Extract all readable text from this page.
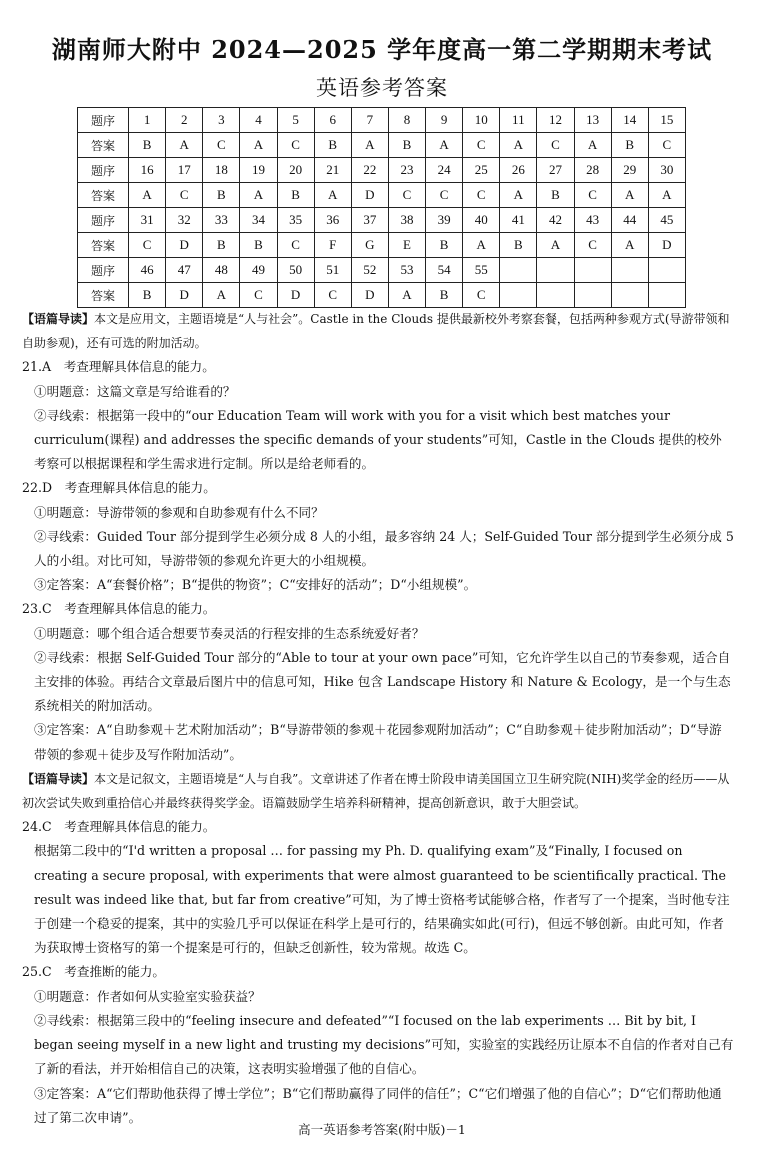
湖南师大附中 2024—2025 学年度高一第二学期期末考试
英语参考答案
题序	1	2	3	4	5	6	7	8	9	10	11	12	13	14	15
答案	B	A	C	A	C	B	A	B	A	C	A	C	A	B	C
题序	16	17	18	19	20	21	22	23	24	25	26	27	28	29	30
答案	A	C	B	A	B	A	D	C	C	C	A	B	C	A	A
题序	31	32	33	34	35	36	37	38	39	40	41	42	43	44	45
答案	C	D	B	B	C	F	G	E	B	A	B	A	C	A	D
题序	46	47	48	49	50	51	52	53	54	55					
答案	B	D	A	C	D	C	D	A	B	C					

【语篇导读】本文是应用文，主题语境是“人与社会”。Castle in the Clouds 提供最新校外考察套餐，包括两种参观方式(导游带领和自助参观)，还有可选的附加活动。

21.A　考查理解具体信息的能力。

①明题意：这篇文章是写给谁看的？

②寻线索：根据第一段中的“our Education Team will work with you for a visit which best matches your curriculum(课程) and addresses the specific demands of your students”可知，Castle in the Clouds 提供的校外考察可以根据课程和学生需求进行定制。所以是给老师看的。

22.D　考查理解具体信息的能力。

①明题意：导游带领的参观和自助参观有什么不同？

②寻线索：Guided Tour 部分提到学生必须分成 8 人的小组，最多容纳 24 人；Self-Guided Tour 部分提到学生必须分成 5 人的小组。对比可知，导游带领的参观允许更大的小组规模。

③定答案：A“套餐价格”；B“提供的物资”；C“安排好的活动”；D“小组规模”。

23.C　考查理解具体信息的能力。

①明题意：哪个组合适合想要节奏灵活的行程安排的生态系统爱好者？

②寻线索：根据 Self-Guided Tour 部分的“Able to tour at your own pace”可知，它允许学生以自己的节奏参观，适合自主安排的体验。再结合文章最后图片中的信息可知，Hike 包含 Landscape History 和 Nature & Ecology，是一个与生态系统相关的附加活动。

③定答案：A“自助参观＋艺术附加活动”；B“导游带领的参观＋花园参观附加活动”；C“自助参观＋徒步附加活动”；D“导游带领的参观＋徒步及写作附加活动”。

【语篇导读】本文是记叙文，主题语境是“人与自我”。文章讲述了作者在博士阶段申请美国国立卫生研究院(NIH)奖学金的经历——从初次尝试失败到重拾信心并最终获得奖学金。语篇鼓励学生培养科研精神，提高创新意识，敢于大胆尝试。

24.C　考查理解具体信息的能力。

根据第二段中的“I'd written a proposal … for passing my Ph. D. qualifying exam”及“Finally, I focused on creating a secure proposal, with experiments that were almost guaranteed to be scientifically practical. The result was indeed like that, but far from creative”可知，为了博士资格考试能够合格，作者写了一个提案，当时他专注于创建一个稳妥的提案，其中的实验几乎可以保证在科学上是可行的，结果确实如此(可行)，但远不够创新。由此可知，作者为获取博士资格写的第一个提案是可行的，但缺乏创新性，较为常规。故选 C。

25.C　考查推断的能力。

①明题意：作者如何从实验室实验获益？

②寻线索：根据第三段中的“feeling insecure and defeated”“I focused on the lab experiments … Bit by bit, I began seeing myself in a new light and trusting my decisions”可知，实验室的实践经历让原本不自信的作者对自己有了新的看法，并开始相信自己的决策，这表明实验增强了他的自信心。

③定答案：A“它们帮助他获得了博士学位”；B“它们帮助赢得了同伴的信任”；C“它们增强了他的自信心”；D“它们帮助他通过了第二次申请”。

高一英语参考答案(附中版)－1
